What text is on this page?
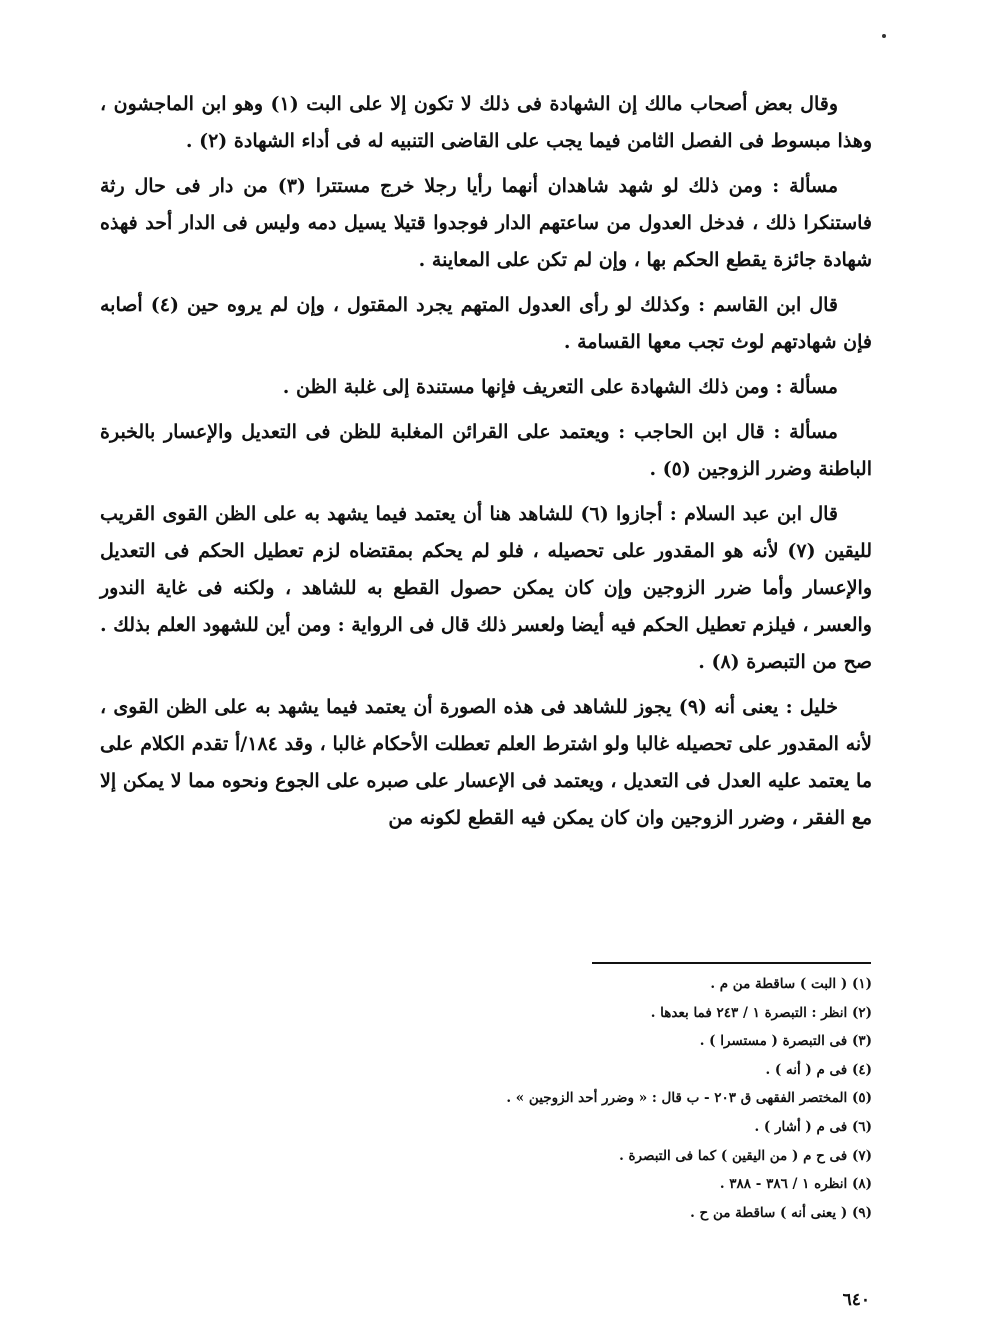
وقال بعض أصحاب مالك إن الشهادة فى ذلك لا تكون إلا على البت (١) وهو ابن الماجشون ، وهذا مبسوط فى الفصل الثامن فيما يجب على القاضى التنبيه له فى أداء الشهادة (٢) .

مسألة : ومن ذلك لو شهد شاهدان أنهما رأيا رجلا خرج مستترا (٣) من دار فى حال رثة فاستنكرا ذلك ، فدخل العدول من ساعتهم الدار فوجدوا قتيلا يسيل دمه وليس فى الدار أحد فهذه شهادة جائزة يقطع الحكم بها ، وإن لم تكن على المعاينة .

قال ابن القاسم : وكذلك لو رأى العدول المتهم يجرد المقتول ، وإن لم يروه حين (٤) أصابه فإن شهادتهم لوث تجب معها القسامة .

مسألة : ومن ذلك الشهادة على التعريف فإنها مستندة إلى غلبة الظن .

مسألة : قال ابن الحاجب : ويعتمد على القرائن المغلبة للظن فى التعديل والإعسار بالخبرة الباطنة وضرر الزوجين (٥) .

قال ابن عبد السلام : أجازوا (٦) للشاهد هنا أن يعتمد فيما يشهد به على الظن القوى القريب لليقين (٧) لأنه هو المقدور على تحصيله ، فلو لم يحكم بمقتضاه لزم تعطيل الحكم فى التعديل والإعسار وأما ضرر الزوجين وإن كان يمكن حصول القطع به للشاهد ، ولكنه فى غاية الندور والعسر ، فيلزم تعطيل الحكم فيه أيضا ولعسر ذلك قال فى الرواية : ومن أين للشهود العلم بذلك . صح من التبصرة (٨) .

خليل : يعنى أنه (٩) يجوز للشاهد فى هذه الصورة أن يعتمد فيما يشهد به على الظن القوى ، لأنه المقدور على تحصيله غالبا ولو اشترط العلم تعطلت الأحكام غالبا ، وقد ١٨٤/أ تقدم الكلام على ما يعتمد عليه العدل فى التعديل ، ويعتمد فى الإعسار على صبره على الجوع ونحوه مما لا يمكن إلا مع الفقر ، وضرر الزوجين وان كان يمكن فيه القطع لكونه من

(١) ( البت ) ساقطة من م .
(٢) انظر : التبصرة ١ / ٢٤٣ فما بعدها .
(٣) فى التبصرة ( مستسرا ) .
(٤) فى م ( أنه ) .
(٥) المختصر الفقهى ق ٢٠٣ - ب قال : « وضرر أحد الزوجين » .
(٦) فى م ( أشار ) .
(٧) فى ح م ( من اليقين ) كما فى التبصرة .
(٨) انظره ١ / ٣٨٦ - ٣٨٨ .
(٩) ( يعنى أنه ) ساقطة من ح .
٦٤٠
